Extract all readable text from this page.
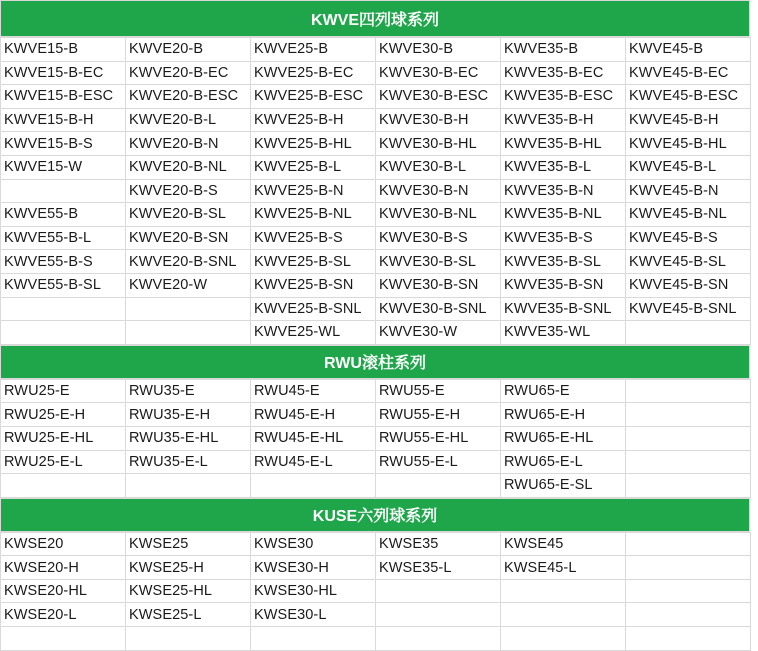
KWVE四列球系列
KWVE15-B	KWVE20-B	KWVE25-B	KWVE30-B	KWVE35-B	KWVE45-B
KWVE15-B-EC	KWVE20-B-EC	KWVE25-B-EC	KWVE30-B-EC	KWVE35-B-EC	KWVE45-B-EC
KWVE15-B-ESC	KWVE20-B-ESC	KWVE25-B-ESC	KWVE30-B-ESC	KWVE35-B-ESC	KWVE45-B-ESC
KWVE15-B-H	KWVE20-B-L	KWVE25-B-H	KWVE30-B-H	KWVE35-B-H	KWVE45-B-H
KWVE15-B-S	KWVE20-B-N	KWVE25-B-HL	KWVE30-B-HL	KWVE35-B-HL	KWVE45-B-HL
KWVE15-W	KWVE20-B-NL	KWVE25-B-L	KWVE30-B-L	KWVE35-B-L	KWVE45-B-L
	KWVE20-B-S	KWVE25-B-N	KWVE30-B-N	KWVE35-B-N	KWVE45-B-N
KWVE55-B	KWVE20-B-SL	KWVE25-B-NL	KWVE30-B-NL	KWVE35-B-NL	KWVE45-B-NL
KWVE55-B-L	KWVE20-B-SN	KWVE25-B-S	KWVE30-B-S	KWVE35-B-S	KWVE45-B-S
KWVE55-B-S	KWVE20-B-SNL	KWVE25-B-SL	KWVE30-B-SL	KWVE35-B-SL	KWVE45-B-SL
KWVE55-B-SL	KWVE20-W	KWVE25-B-SN	KWVE30-B-SN	KWVE35-B-SN	KWVE45-B-SN
		KWVE25-B-SNL	KWVE30-B-SNL	KWVE35-B-SNL	KWVE45-B-SNL
		KWVE25-WL	KWVE30-W	KWVE35-WL	
RWU滚柱系列
RWU25-E	RWU35-E	RWU45-E	RWU55-E	RWU65-E	
RWU25-E-H	RWU35-E-H	RWU45-E-H	RWU55-E-H	RWU65-E-H	
RWU25-E-HL	RWU35-E-HL	RWU45-E-HL	RWU55-E-HL	RWU65-E-HL	
RWU25-E-L	RWU35-E-L	RWU45-E-L	RWU55-E-L	RWU65-E-L	
				RWU65-E-SL	
KUSE六列球系列
KWSE20	KWSE25	KWSE30	KWSE35	KWSE45	
KWSE20-H	KWSE25-H	KWSE30-H	KWSE35-L	KWSE45-L	
KWSE20-HL	KWSE25-HL	KWSE30-HL			
KWSE20-L	KWSE25-L	KWSE30-L			
